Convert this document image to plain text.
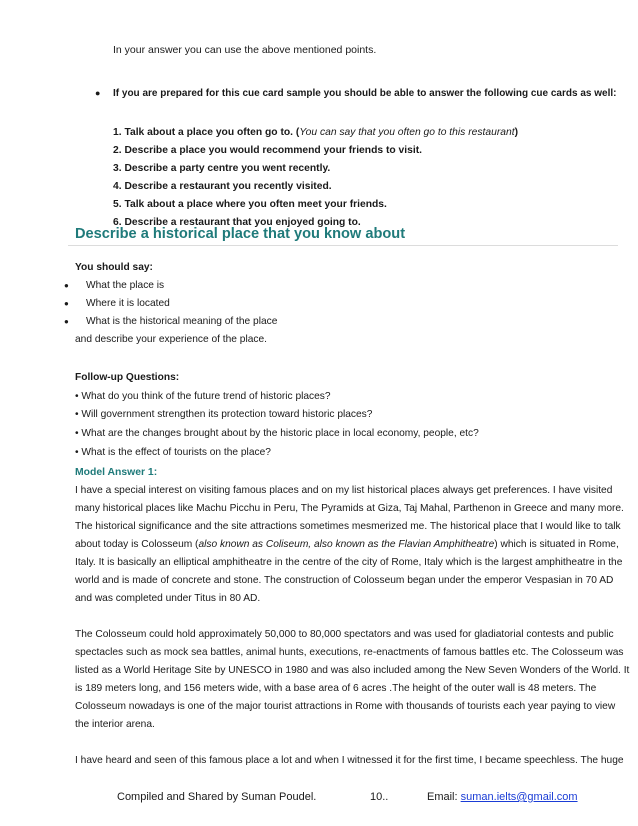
In your answer you can use the above mentioned points.
● If you are prepared for this cue card sample you should be able to answer the following cue cards as well:
1. Talk about a place you often go to. (You can say that you often go to this restaurant)
2. Describe a place you would recommend your friends to visit.
3. Describe a party centre you went recently.
4. Describe a restaurant you recently visited.
5. Talk about a place where you often meet your friends.
6. Describe a restaurant that you enjoyed going to.
Describe a historical place that you know about
You should say:
● What the place is
● Where it is located
● What is the historical meaning of the place
and describe your experience of the place.
Follow-up Questions:
• What do you think of the future trend of historic places?
• Will government strengthen its protection toward historic places?
• What are the changes brought about by the historic place in local economy, people, etc?
• What is the effect of tourists on the place?
Model Answer 1:
I have a special interest on visiting famous places and on my list historical places always get preferences. I have visited
many historical places like Machu Picchu in Peru, The Pyramids at Giza, Taj Mahal, Parthenon in Greece and many more.
The historical significance and the site attractions sometimes mesmerized me. The historical place that I would like to talk
about today is Colosseum (also known as Coliseum, also known as the Flavian Amphitheatre) which is situated in Rome,
Italy. It is basically an elliptical amphitheatre in the centre of the city of Rome, Italy which is the largest amphitheatre in the
world and is made of concrete and stone. The construction of Colosseum began under the emperor Vespasian in 70 AD
and was completed under Titus in 80 AD.
The Colosseum could hold approximately 50,000 to 80,000 spectators and was used for gladiatorial contests and public
spectacles such as mock sea battles, animal hunts, executions, re-enactments of famous battles etc. The Colosseum was
listed as a World Heritage Site by UNESCO in 1980 and was also included among the New Seven Wonders of the World. It
is 189 meters long, and 156 meters wide, with a base area of 6 acres .The height of the outer wall is 48 meters. The
Colosseum nowadays is one of the major tourist attractions in Rome with thousands of tourists each year paying to view
the interior arena.
I have heard and seen of this famous place a lot and when I witnessed it for the first time, I became speechless. The huge
Compiled and Shared by Suman Poudel.	10..	Email: suman.ielts@gmail.com
